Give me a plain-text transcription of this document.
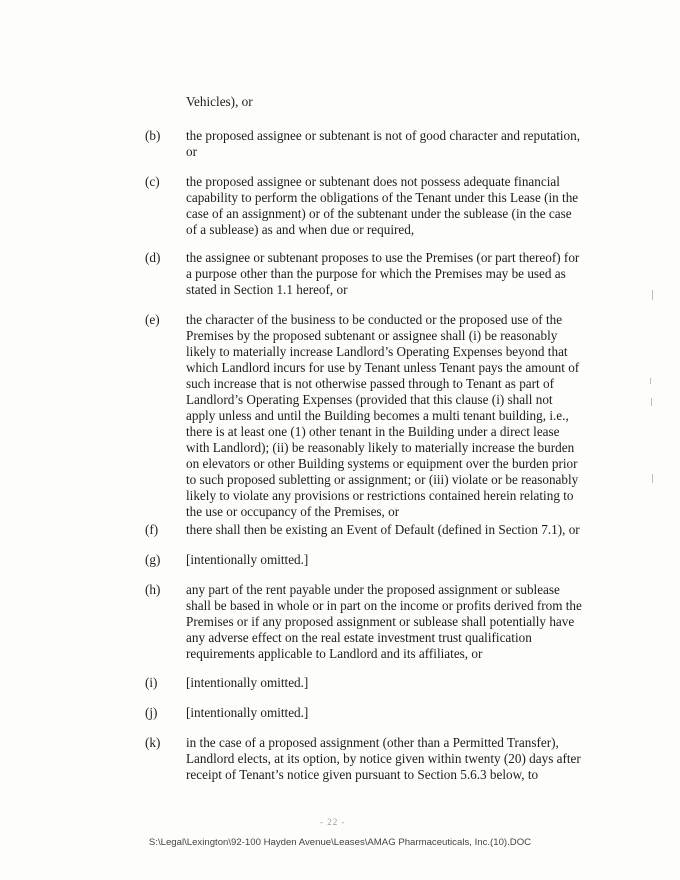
Vehicles), or
(b) the proposed assignee or subtenant is not of good character and reputation,
or
(c) the proposed assignee or subtenant does not possess adequate financial
capability to perform the obligations of the Tenant under this Lease (in the
case of an assignment) or of the subtenant under the sublease (in the case
of a sublease) as and when due or required,
(d) the assignee or subtenant proposes to use the Premises (or part thereof) for
a purpose other than the purpose for which the Premises may be used as
stated in Section 1.1 hereof, or
(e) the character of the business to be conducted or the proposed use of the
Premises by the proposed subtenant or assignee shall (i) be reasonably
likely to materially increase Landlord’s Operating Expenses beyond that
which Landlord incurs for use by Tenant unless Tenant pays the amount of
such increase that is not otherwise passed through to Tenant as part of
Landlord’s Operating Expenses (provided that this clause (i) shall not
apply unless and until the Building becomes a multi tenant building, i.e.,
there is at least one (1) other tenant in the Building under a direct lease
with Landlord); (ii) be reasonably likely to materially increase the burden
on elevators or other Building systems or equipment over the burden prior
to such proposed subletting or assignment; or (iii) violate or be reasonably
likely to violate any provisions or restrictions contained herein relating to
the use or occupancy of the Premises, or
(f) there shall then be existing an Event of Default (defined in Section 7.1), or
(g) [intentionally omitted.]
(h) any part of the rent payable under the proposed assignment or sublease
shall be based in whole or in part on the income or profits derived from the
Premises or if any proposed assignment or sublease shall potentially have
any adverse effect on the real estate investment trust qualification
requirements applicable to Landlord and its affiliates, or
(i) [intentionally omitted.]
(j) [intentionally omitted.]
(k) in the case of a proposed assignment (other than a Permitted Transfer),
Landlord elects, at its option, by notice given within twenty (20) days after
receipt of Tenant’s notice given pursuant to Section 5.6.3 below, to
- 22 -
S:\Legal\Lexington\92-100 Hayden Avenue\Leases\AMAG Pharmaceuticals, Inc.(10).DOC
